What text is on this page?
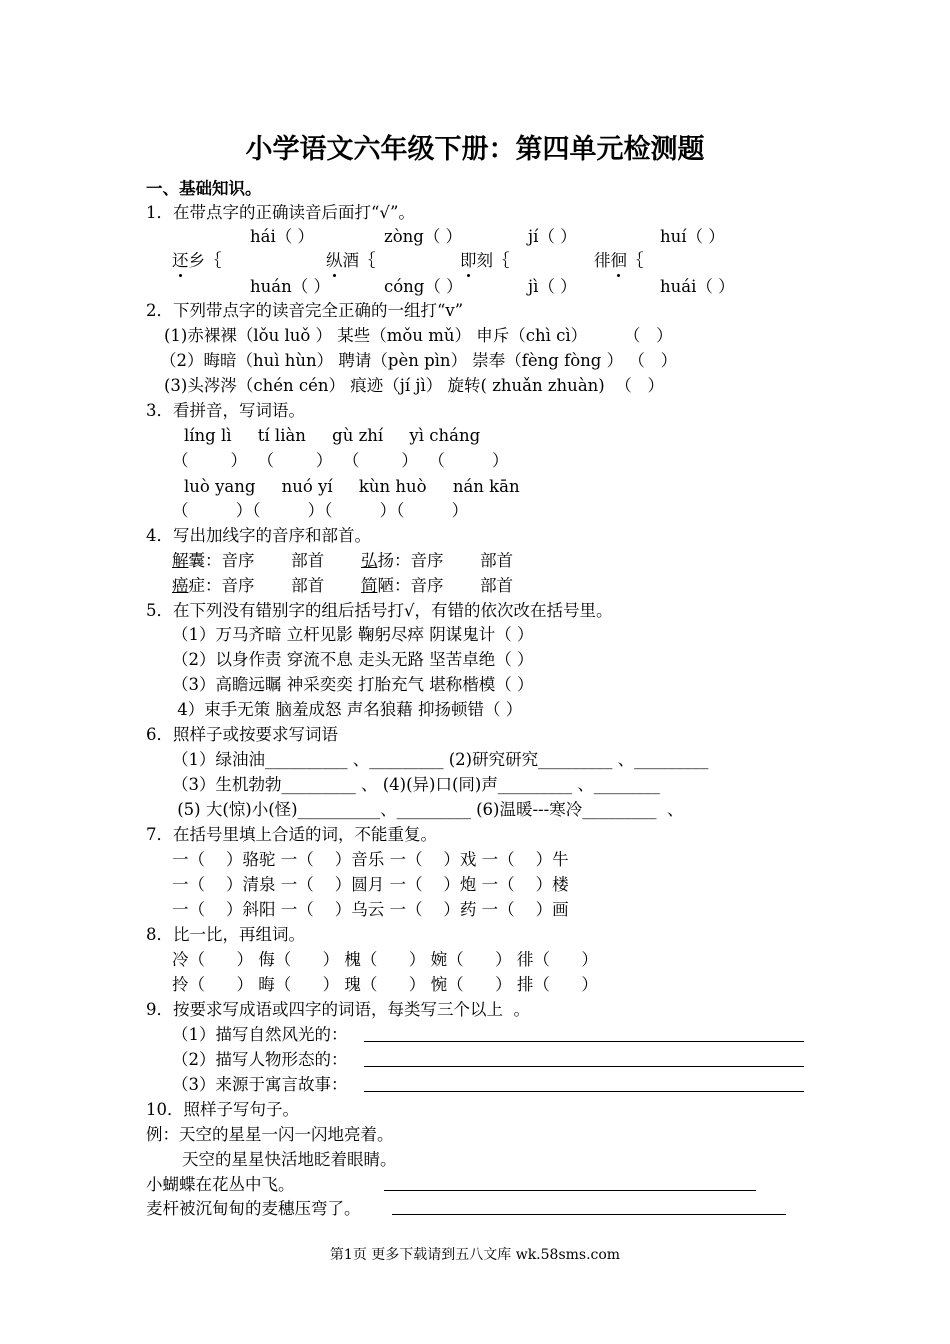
小学语文六年级下册：第四单元检测题
一、基础知识。
1．在带点字的正确读音后面打“√”。
hái（ ）	zòng（ ）	jí（ ）	huí（ ）
还乡｛	纵酒｛	即刻｛	徘徊｛
huán（ ）	cóng（ ）	jì（ ）	huái（ ）
2．下列带点字的读音完全正确的一组打“v”
(1)赤裸裸（lǒu luǒ ） 某些（mǒu mǔ） 申斥（chì cì）       （   ）
（2）晦暗（huì hùn） 聘请（pèn pìn） 崇奉（fèng fòng ） （   ）
(3)头涔涔（chén cén） 痕迹（jí jì） 旋转( zhuǎn zhuàn)  （   ）
3．看拼音，写词语。
líng lì     tí liàn     gù zhí     yì cháng
（        ）  （        ）  （        ）  （         ）
luò yang     nuó yí     kùn huò     nán kān
（         ）（         ）（         ）（         ）
4．写出加线字的音序和部首。
解囊：音序       部首       弘扬：音序       部首
癌症：音序       部首       简陋：音序       部首
5．在下列没有错别字的组后括号打√，有错的依次改在括号里。
（1）万马齐暗 立杆见影 鞠躬尽瘁 阴谋鬼计（ ）
（2）以身作责 穿流不息 走头无路 坚苦卓绝（ ）
（3）高瞻远瞩 神采奕奕 打胎充气 堪称楷模（ ）
4）束手无策 脑羞成怒 声名狼藉 抑扬顿错（ ）
6．照样子或按要求写词语
（1）绿油油__________ 、_________ (2)研究研究_________ 、_________
（3）生机勃勃_________ 、 (4)(异)口(同)声_________ 、________
(5) 大(惊)小(怪)__________、_________ (6)温暖---寒冷_________  、
7．在括号里填上合适的词，不能重复。
一（    ）骆驼 一（    ）音乐 一（    ）戏 一（    ）牛
一（    ）清泉 一（    ）圆月 一（    ）炮 一（    ）楼
一（    ）斜阳 一（    ）乌云 一（    ）药 一（    ）画
8．比一比，再组词。
冷（      ） 侮（      ） 槐（      ） 婉（      ） 徘（      ）
拎（      ） 晦（      ） 瑰（      ） 惋（      ） 排（      ）
9．按要求写成语或四字的词语，每类写三个以上  。
（1）描写自然风光的：
（2）描写人物形态的：
（3）来源于寓言故事：
10．照样子写句子。
例：天空的星星一闪一闪地亮着。
天空的星星快活地眨着眼睛。
小蝴蝶在花丛中飞。
麦杆被沉甸甸的麦穗压弯了。
第1页 更多下载请到五八文库 wk.58sms.com
